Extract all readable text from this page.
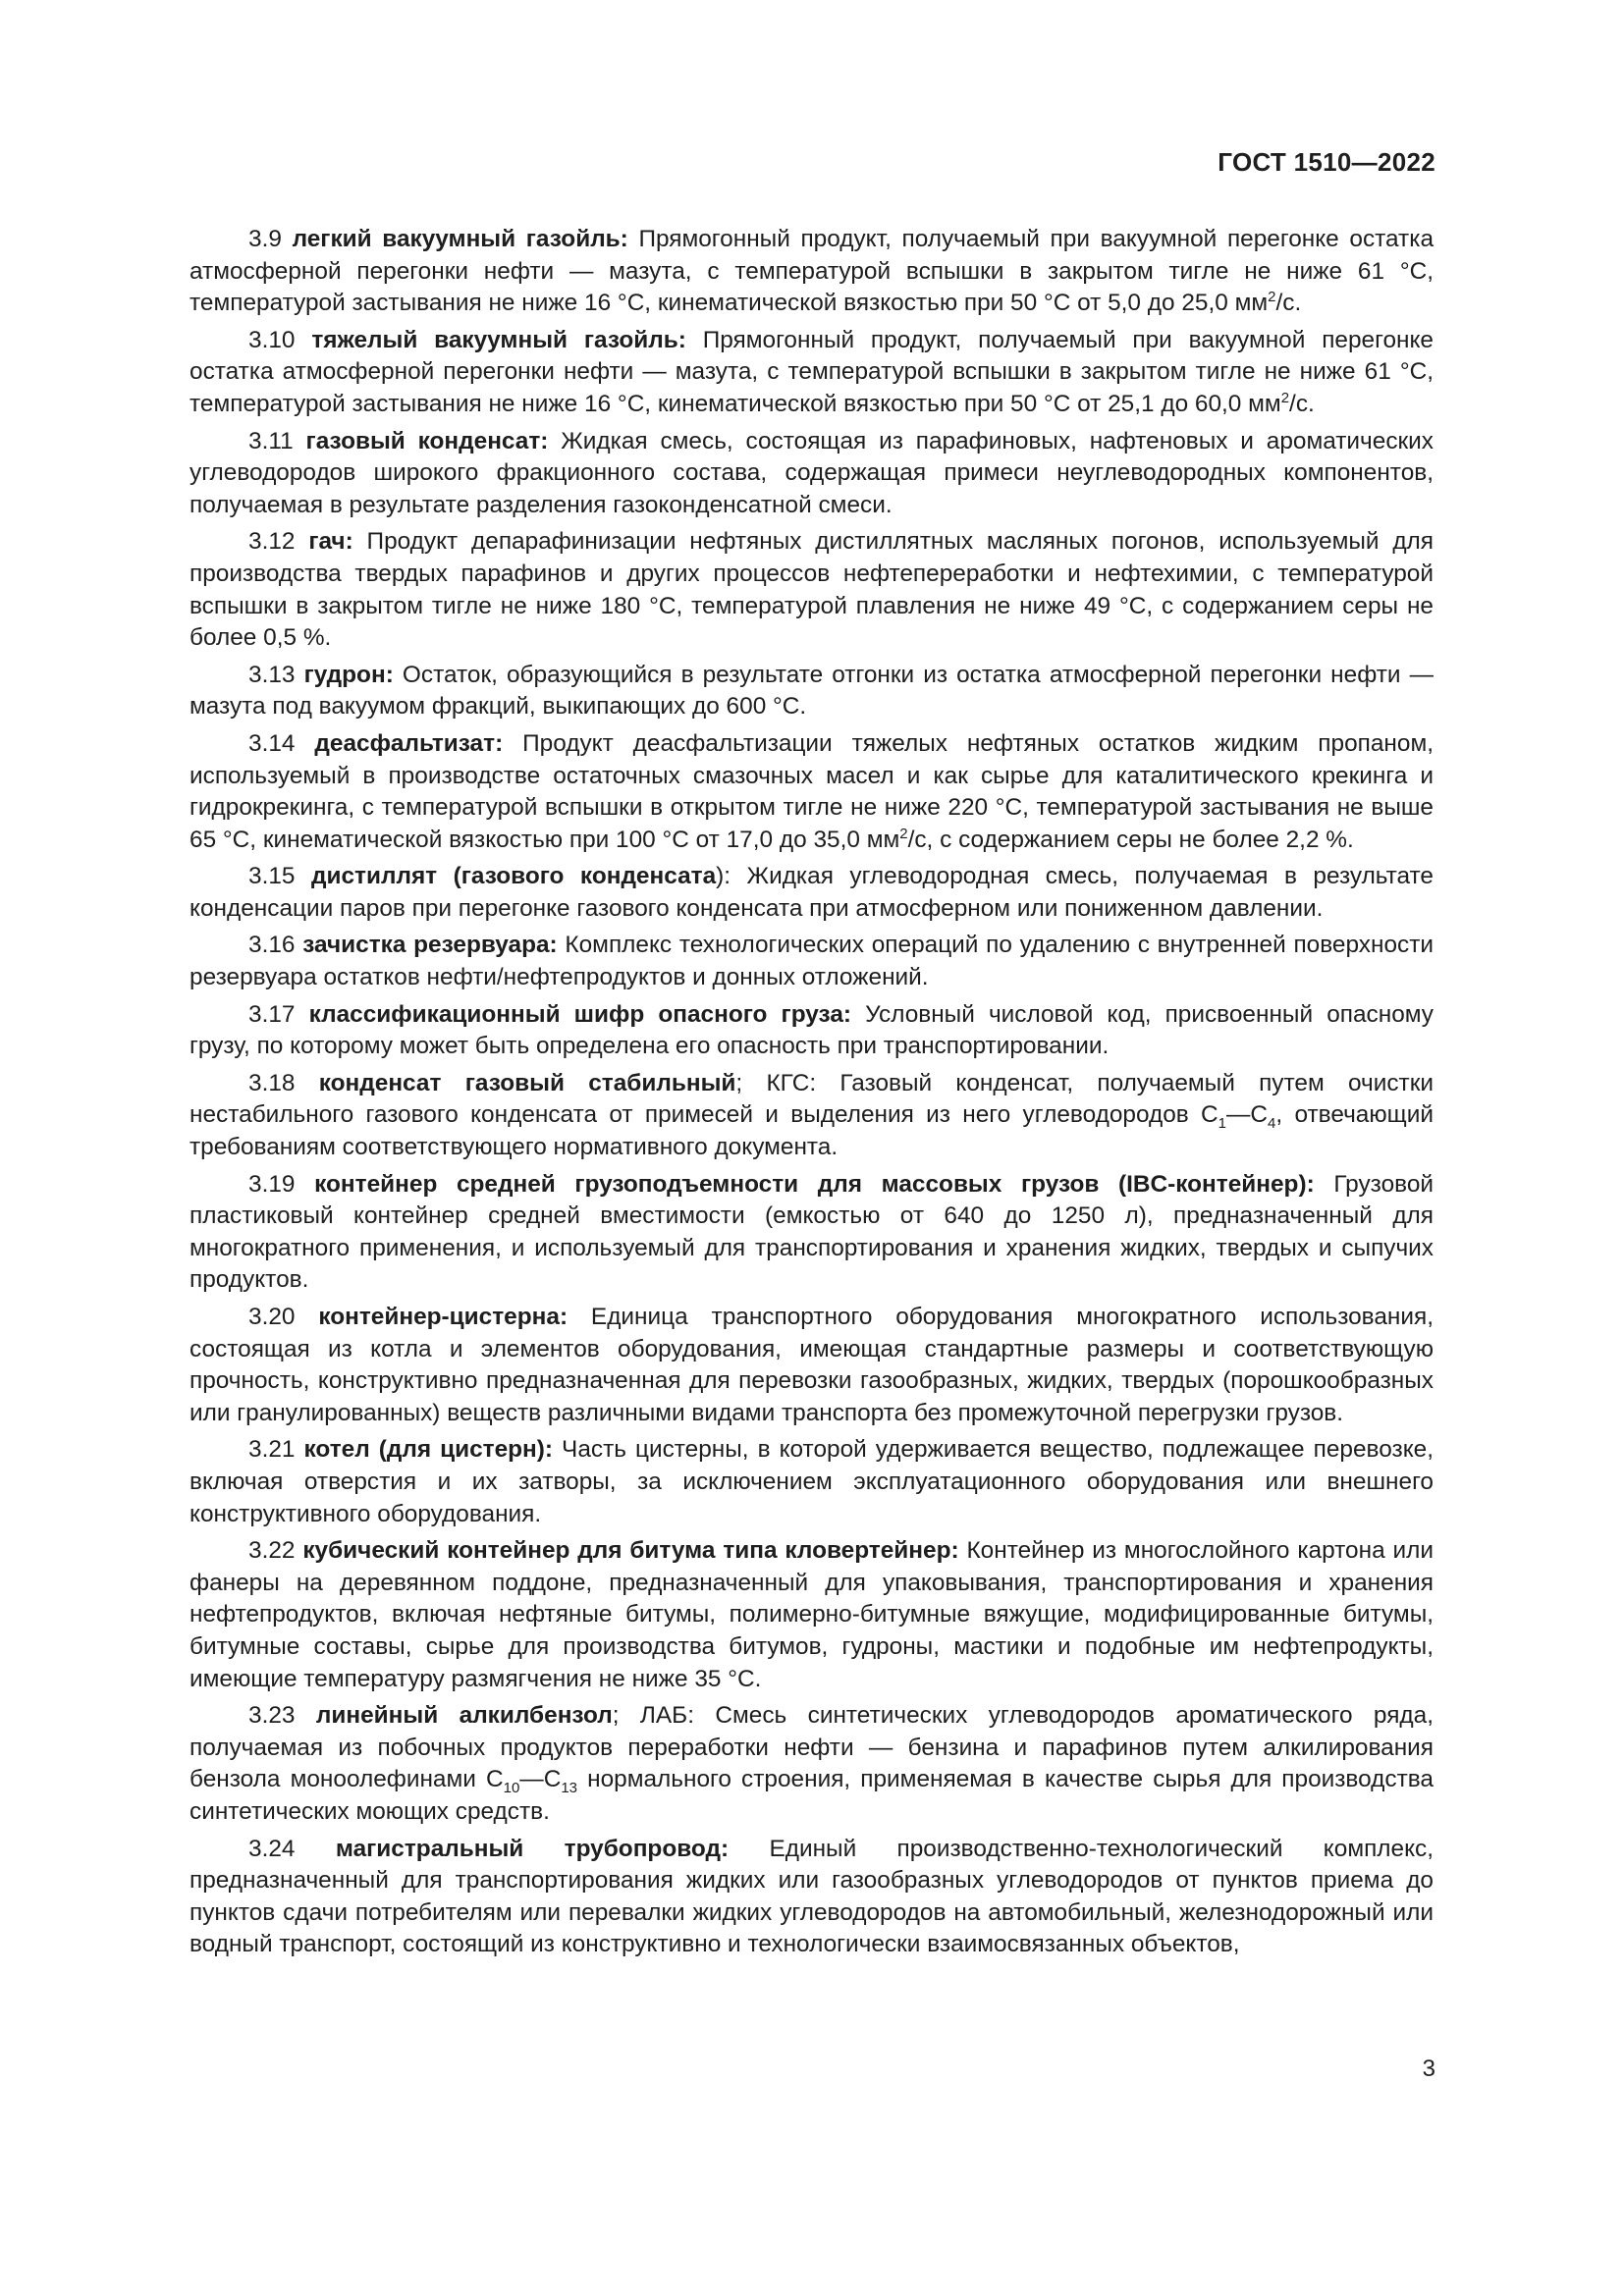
ГОСТ 1510—2022

3.9 легкий вакуумный газойль: Прямогонный продукт, получаемый при вакуумной перегонке остатка атмосферной перегонки нефти — мазута, с температурой вспышки в закрытом тигле не ниже 61 °С, температурой застывания не ниже 16 °С, кинематической вязкостью при 50 °С от 5,0 до 25,0 $мм^2/с$.

3.10 тяжелый вакуумный газойль: Прямогонный продукт, получаемый при вакуумной перегонке остатка атмосферной перегонки нефти — мазута, с температурой вспышки в закрытом тигле не ниже 61 °С, температурой застывания не ниже 16 °С, кинематической вязкостью при 50 °С от 25,1 до 60,0 $мм^2/с$.

3.11 газовый конденсат: Жидкая смесь, состоящая из парафиновых, нафтеновых и ароматических углеводородов широкого фракционного состава, содержащая примеси неуглеводородных компонентов, получаемая в результате разделения газоконденсатной смеси.

3.12 гач: Продукт депарафинизации нефтяных дистиллятных масляных погонов, используемый для производства твердых парафинов и других процессов нефтепереработки и нефтехимии, с температурой вспышки в закрытом тигле не ниже 180 °С, температурой плавления не ниже 49 °С, с содержанием серы не более 0,5 %.

3.13 гудрон: Остаток, образующийся в результате отгонки из остатка атмосферной перегонки нефти — мазута под вакуумом фракций, выкипающих до 600 °С.

3.14 деасфальтизат: Продукт деасфальтизации тяжелых нефтяных остатков жидким пропаном, используемый в производстве остаточных смазочных масел и как сырье для каталитического крекинга и гидрокрекинга, с температурой вспышки в открытом тигле не ниже 220 °С, температурой застывания не выше 65 °С, кинематической вязкостью при 100 °С от 17,0 до 35,0 $мм^2/с$, с содержанием серы не более 2,2 %.

3.15 дистиллят (газового конденсата): Жидкая углеводородная смесь, получаемая в результате конденсации паров при перегонке газового конденсата при атмосферном или пониженном давлении.

3.16 зачистка резервуара: Комплекс технологических операций по удалению с внутренней поверхности резервуара остатков нефти/нефтепродуктов и донных отложений.

3.17 классификационный шифр опасного груза: Условный числовой код, присвоенный опасному грузу, по которому может быть определена его опасность при транспортировании.

3.18 конденсат газовый стабильный; КГС: Газовый конденсат, получаемый путем очистки нестабильного газового конденсата от примесей и выделения из него углеводородов $С_1—С_4$, отвечающий требованиям соответствующего нормативного документа.

3.19 контейнер средней грузоподъемности для массовых грузов (IBC-контейнер): Грузовой пластиковый контейнер средней вместимости (емкостью от 640 до 1250 л), предназначенный для многократного применения, и используемый для транспортирования и хранения жидких, твердых и сыпучих продуктов.

3.20 контейнер-цистерна: Единица транспортного оборудования многократного использования, состоящая из котла и элементов оборудования, имеющая стандартные размеры и соответствующую прочность, конструктивно предназначенная для перевозки газообразных, жидких, твердых (порошкообразных или гранулированных) веществ различными видами транспорта без промежуточной перегрузки грузов.

3.21 котел (для цистерн): Часть цистерны, в которой удерживается вещество, подлежащее перевозке, включая отверстия и их затворы, за исключением эксплуатационного оборудования или внешнего конструктивного оборудования.

3.22 кубический контейнер для битума типа кловертейнер: Контейнер из многослойного картона или фанеры на деревянном поддоне, предназначенный для упаковывания, транспортирования и хранения нефтепродуктов, включая нефтяные битумы, полимерно-битумные вяжущие, модифицированные битумы, битумные составы, сырье для производства битумов, гудроны, мастики и подобные им нефтепродукты, имеющие температуру размягчения не ниже 35 °С.

3.23 линейный алкилбензол; ЛАБ: Смесь синтетических углеводородов ароматического ряда, получаемая из побочных продуктов переработки нефти — бензина и парафинов путем алкилирования бензола моноолефинами $С_{10}—С_{13}$ нормального строения, применяемая в качестве сырья для производства синтетических моющих средств.

3.24 магистральный трубопровод: Единый производственно-технологический комплекс, предназначенный для транспортирования жидких или газообразных углеводородов от пунктов приема до пунктов сдачи потребителям или перевалки жидких углеводородов на автомобильный, железнодорожный или водный транспорт, состоящий из конструктивно и технологически взаимосвязанных объектов,

3
